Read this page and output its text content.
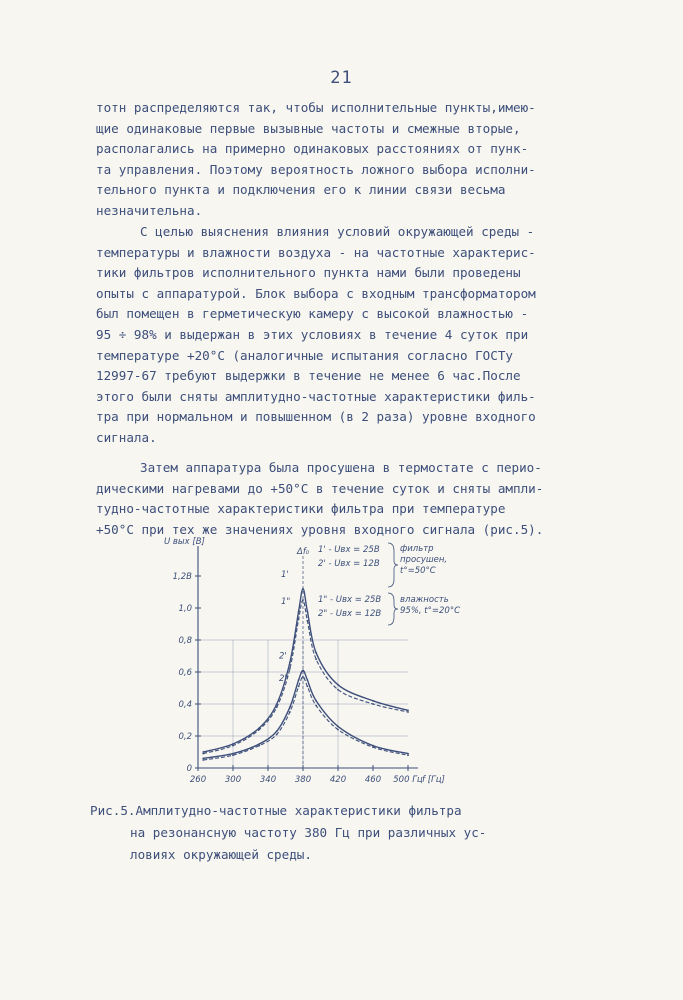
21
тотн распределяются так, чтобы исполнительные пункты,имею-
щие одинаковые первые вызывные частоты и смежные вторые,
располагались на примерно одинаковых расстояниях от пунк-
та управления. Поэтому вероятность ложного выбора исполни-
тельного пункта и подключения его к линии связи весьма
незначительна.
С целью выяснения влияния условий окружающей среды -
температуры и влажности воздуха - на частотные характерис-
тики фильтров исполнительного пункта нами были проведены
опыты с аппаратурой. Блок выбора с входным трансформатором
был помещен в герметическую камеру с высокой влажностью -
95 ÷ 98% и выдержан в этих условиях в течение 4 суток при
температуре +20°С (аналогичные испытания согласно ГОСТу
12997-67 требуют выдержки в течение не менее 6 час.После
этого были сняты амплитудно-частотные характеристики филь-
тра при нормальном и повышенном (в 2 раза) уровне входного
сигнала.
Затем аппаратура была просушена в термостате с перио-
дическими нагревами до +50°С в течение суток и сняты ампли-
тудно-частотные характеристики фильтра при температуре
+50°С при тех же значениях уровня входного сигнала (рис.5).
0
0,2
0,4
0,6
0,8
1,0
1,2В
260 300 340 380 420 460 500 Гц
U вых [В]
f [Гц]
1'
1"
2'
2"
Δf₀ 1' - Uвх = 25В
2' - Uвх = 12В
фильтр
просушен,
t°=50°С
1" - Uвх = 25В
2" - Uвх = 12В
влажность
95%, t°=20°С
Рис.5.Амплитудно-частотные характеристики фильтра
на резонансную частоту 380 Гц при различных ус-
ловиях окружающей среды.
